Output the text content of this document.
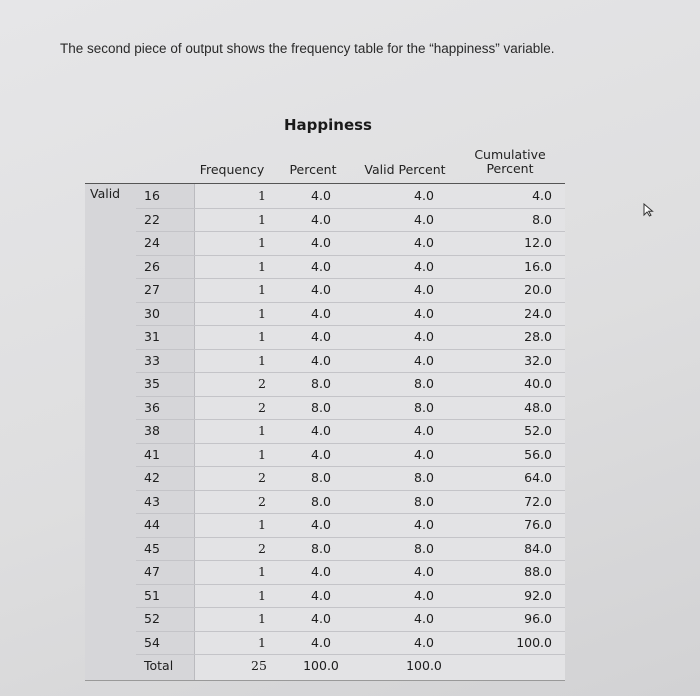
The second piece of output shows the frequency table for the “happiness” variable.
Happiness
Frequency	Percent	Valid Percent
Cumulative
Percent
Valid 16	1	4.0	4.0	4.0
22	1	4.0	4.0	8.0
24	1	4.0	4.0	12.0
26	1	4.0	4.0	16.0
27	1	4.0	4.0	20.0
30	1	4.0	4.0	24.0
31	1	4.0	4.0	28.0
33	1	4.0	4.0	32.0
35	2	8.0	8.0	40.0
36	2	8.0	8.0	48.0
38	1	4.0	4.0	52.0
41	1	4.0	4.0	56.0
42	2	8.0	8.0	64.0
43	2	8.0	8.0	72.0
44	1	4.0	4.0	76.0
45	2	8.0	8.0	84.0
47	1	4.0	4.0	88.0
51	1	4.0	4.0	92.0
52	1	4.0	4.0	96.0
54	1	4.0	4.0	100.0
Total	25	100.0	100.0
